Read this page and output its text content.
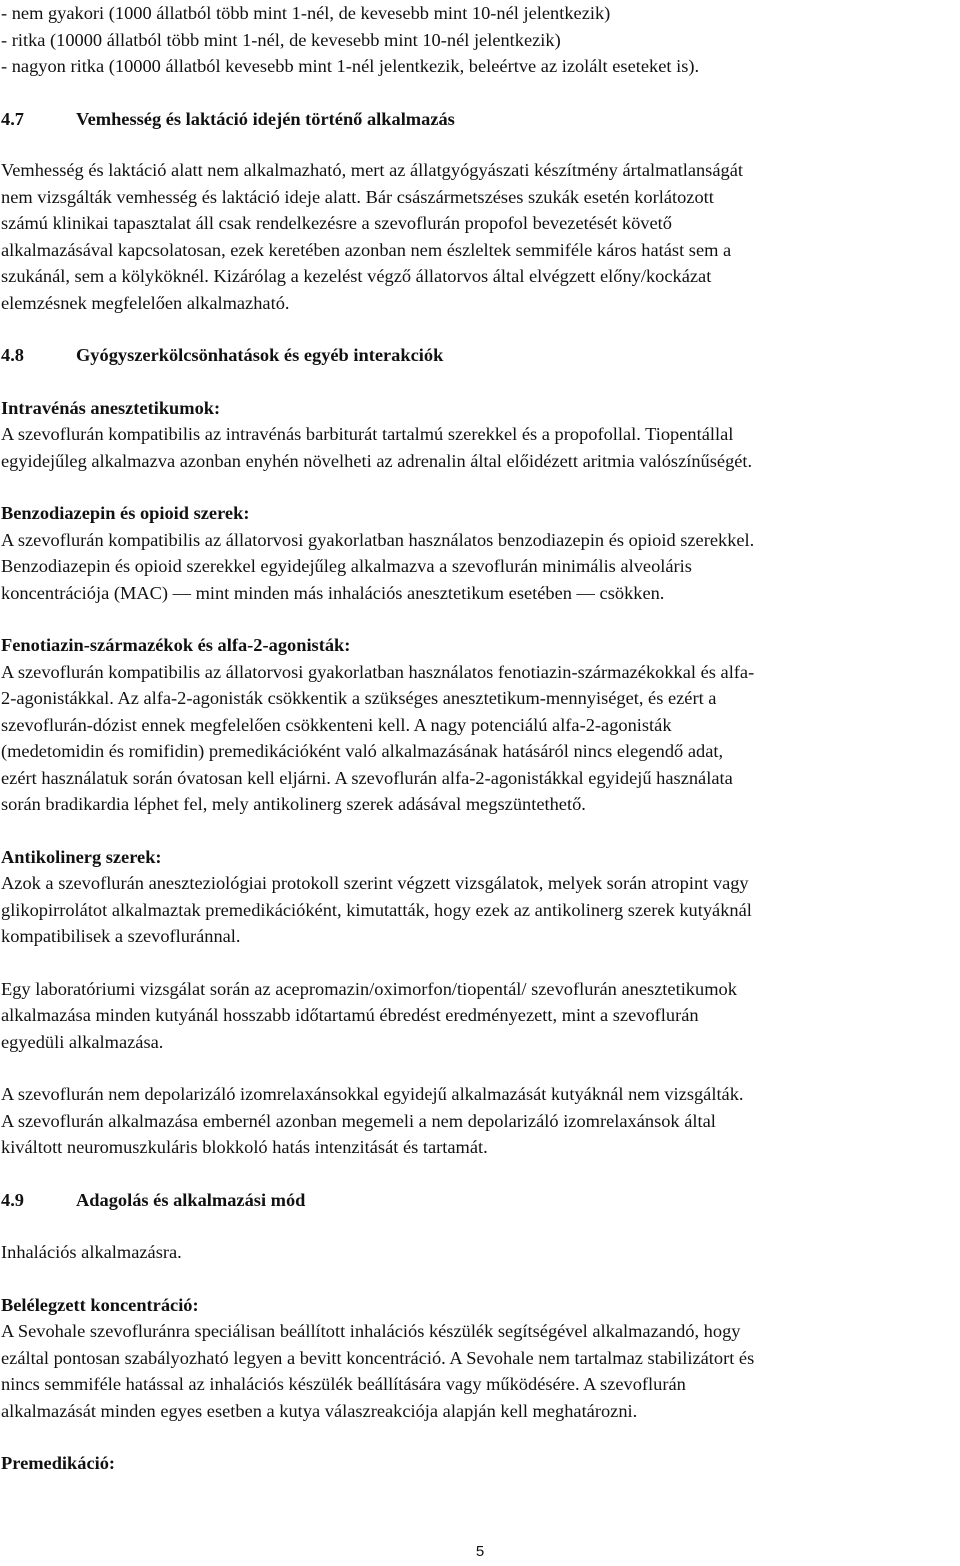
- nem gyakori (1000 állatból több mint 1-nél, de kevesebb mint 10-nél jelentkezik)
- ritka (10000 állatból több mint 1-nél, de kevesebb mint 10-nél jelentkezik)
- nagyon ritka (10000 állatból kevesebb mint 1-nél jelentkezik, beleértve az izolált eseteket is).
4.7	Vemhesség és laktáció idején történő alkalmazás
Vemhesség és laktáció alatt nem alkalmazható, mert az állatgyógyászati készítmény ártalmatlanságát
nem vizsgálták vemhesség és laktáció ideje alatt. Bár császármetszéses szukák esetén korlátozott
számú klinikai tapasztalat áll csak rendelkezésre a szevoflurán propofol bevezetését követő
alkalmazásával kapcsolatosan, ezek keretében azonban nem észleltek semmiféle káros hatást sem a
szukánál, sem a kölyköknél. Kizárólag a kezelést végző állatorvos által elvégzett előny/kockázat
elemzésnek megfelelően alkalmazható.
4.8	Gyógyszerkölcsönhatások és egyéb interakciók
Intravénás anesztetikumok:
A szevoflurán kompatibilis az intravénás barbiturát tartalmú szerekkel és a propofollal. Tiopentállal
egyidejűleg alkalmazva azonban enyhén növelheti az adrenalin által előidézett aritmia valószínűségét.
Benzodiazepin és opioid szerek:
A szevoflurán kompatibilis az állatorvosi gyakorlatban használatos benzodiazepin és opioid szerekkel.
Benzodiazepin és opioid szerekkel egyidejűleg alkalmazva a szevoflurán minimális alveoláris
koncentrációja (MAC) — mint minden más inhalációs anesztetikum esetében — csökken.
Fenotiazin-származékok és alfa-2-agonisták:
A szevoflurán kompatibilis az állatorvosi gyakorlatban használatos fenotiazin-származékokkal és alfa-
2-agonistákkal. Az alfa-2-agonisták csökkentik a szükséges anesztetikum-mennyiséget, és ezért a
szevoflurán-dózist ennek megfelelően csökkenteni kell. A nagy potenciálú alfa-2-agonisták
(medetomidin és romifidin) premedikációként való alkalmazásának hatásáról nincs elegendő adat,
ezért használatuk során óvatosan kell eljárni. A szevoflurán alfa-2-agonistákkal egyidejű használata
során bradikardia léphet fel, mely antikolinerg szerek adásával megszüntethető.
Antikolinerg szerek:
Azok a szevoflurán aneszteziológiai protokoll szerint végzett vizsgálatok, melyek során atropint vagy
glikopirrolátot alkalmaztak premedikációként, kimutatták, hogy ezek az antikolinerg szerek kutyáknál
kompatibilisek a szevofluránnal.
Egy laboratóriumi vizsgálat során az acepromazin/oximorfon/tiopentál/ szevoflurán anesztetikumok
alkalmazása minden kutyánál hosszabb időtartamú ébredést eredményezett, mint a szevoflurán
egyedüli alkalmazása.
A szevoflurán nem depolarizáló izomrelaxánsokkal egyidejű alkalmazását kutyáknál nem vizsgálták.
A szevoflurán alkalmazása embernél azonban megemeli a nem depolarizáló izomrelaxánsok által
kiváltott neuromuszkuláris blokkoló hatás intenzitását és tartamát.
4.9	Adagolás és alkalmazási mód
Inhalációs alkalmazásra.
Belélegzett koncentráció:
A Sevohale szevofluránra speciálisan beállított inhalációs készülék segítségével alkalmazandó, hogy
ezáltal pontosan szabályozható legyen a bevitt koncentráció. A Sevohale nem tartalmaz stabilizátort és
nincs semmiféle hatással az inhalációs készülék beállítására vagy működésére. A szevoflurán
alkalmazását minden egyes esetben a kutya válaszreakciója alapján kell meghatározni.
Premedikáció:
5
